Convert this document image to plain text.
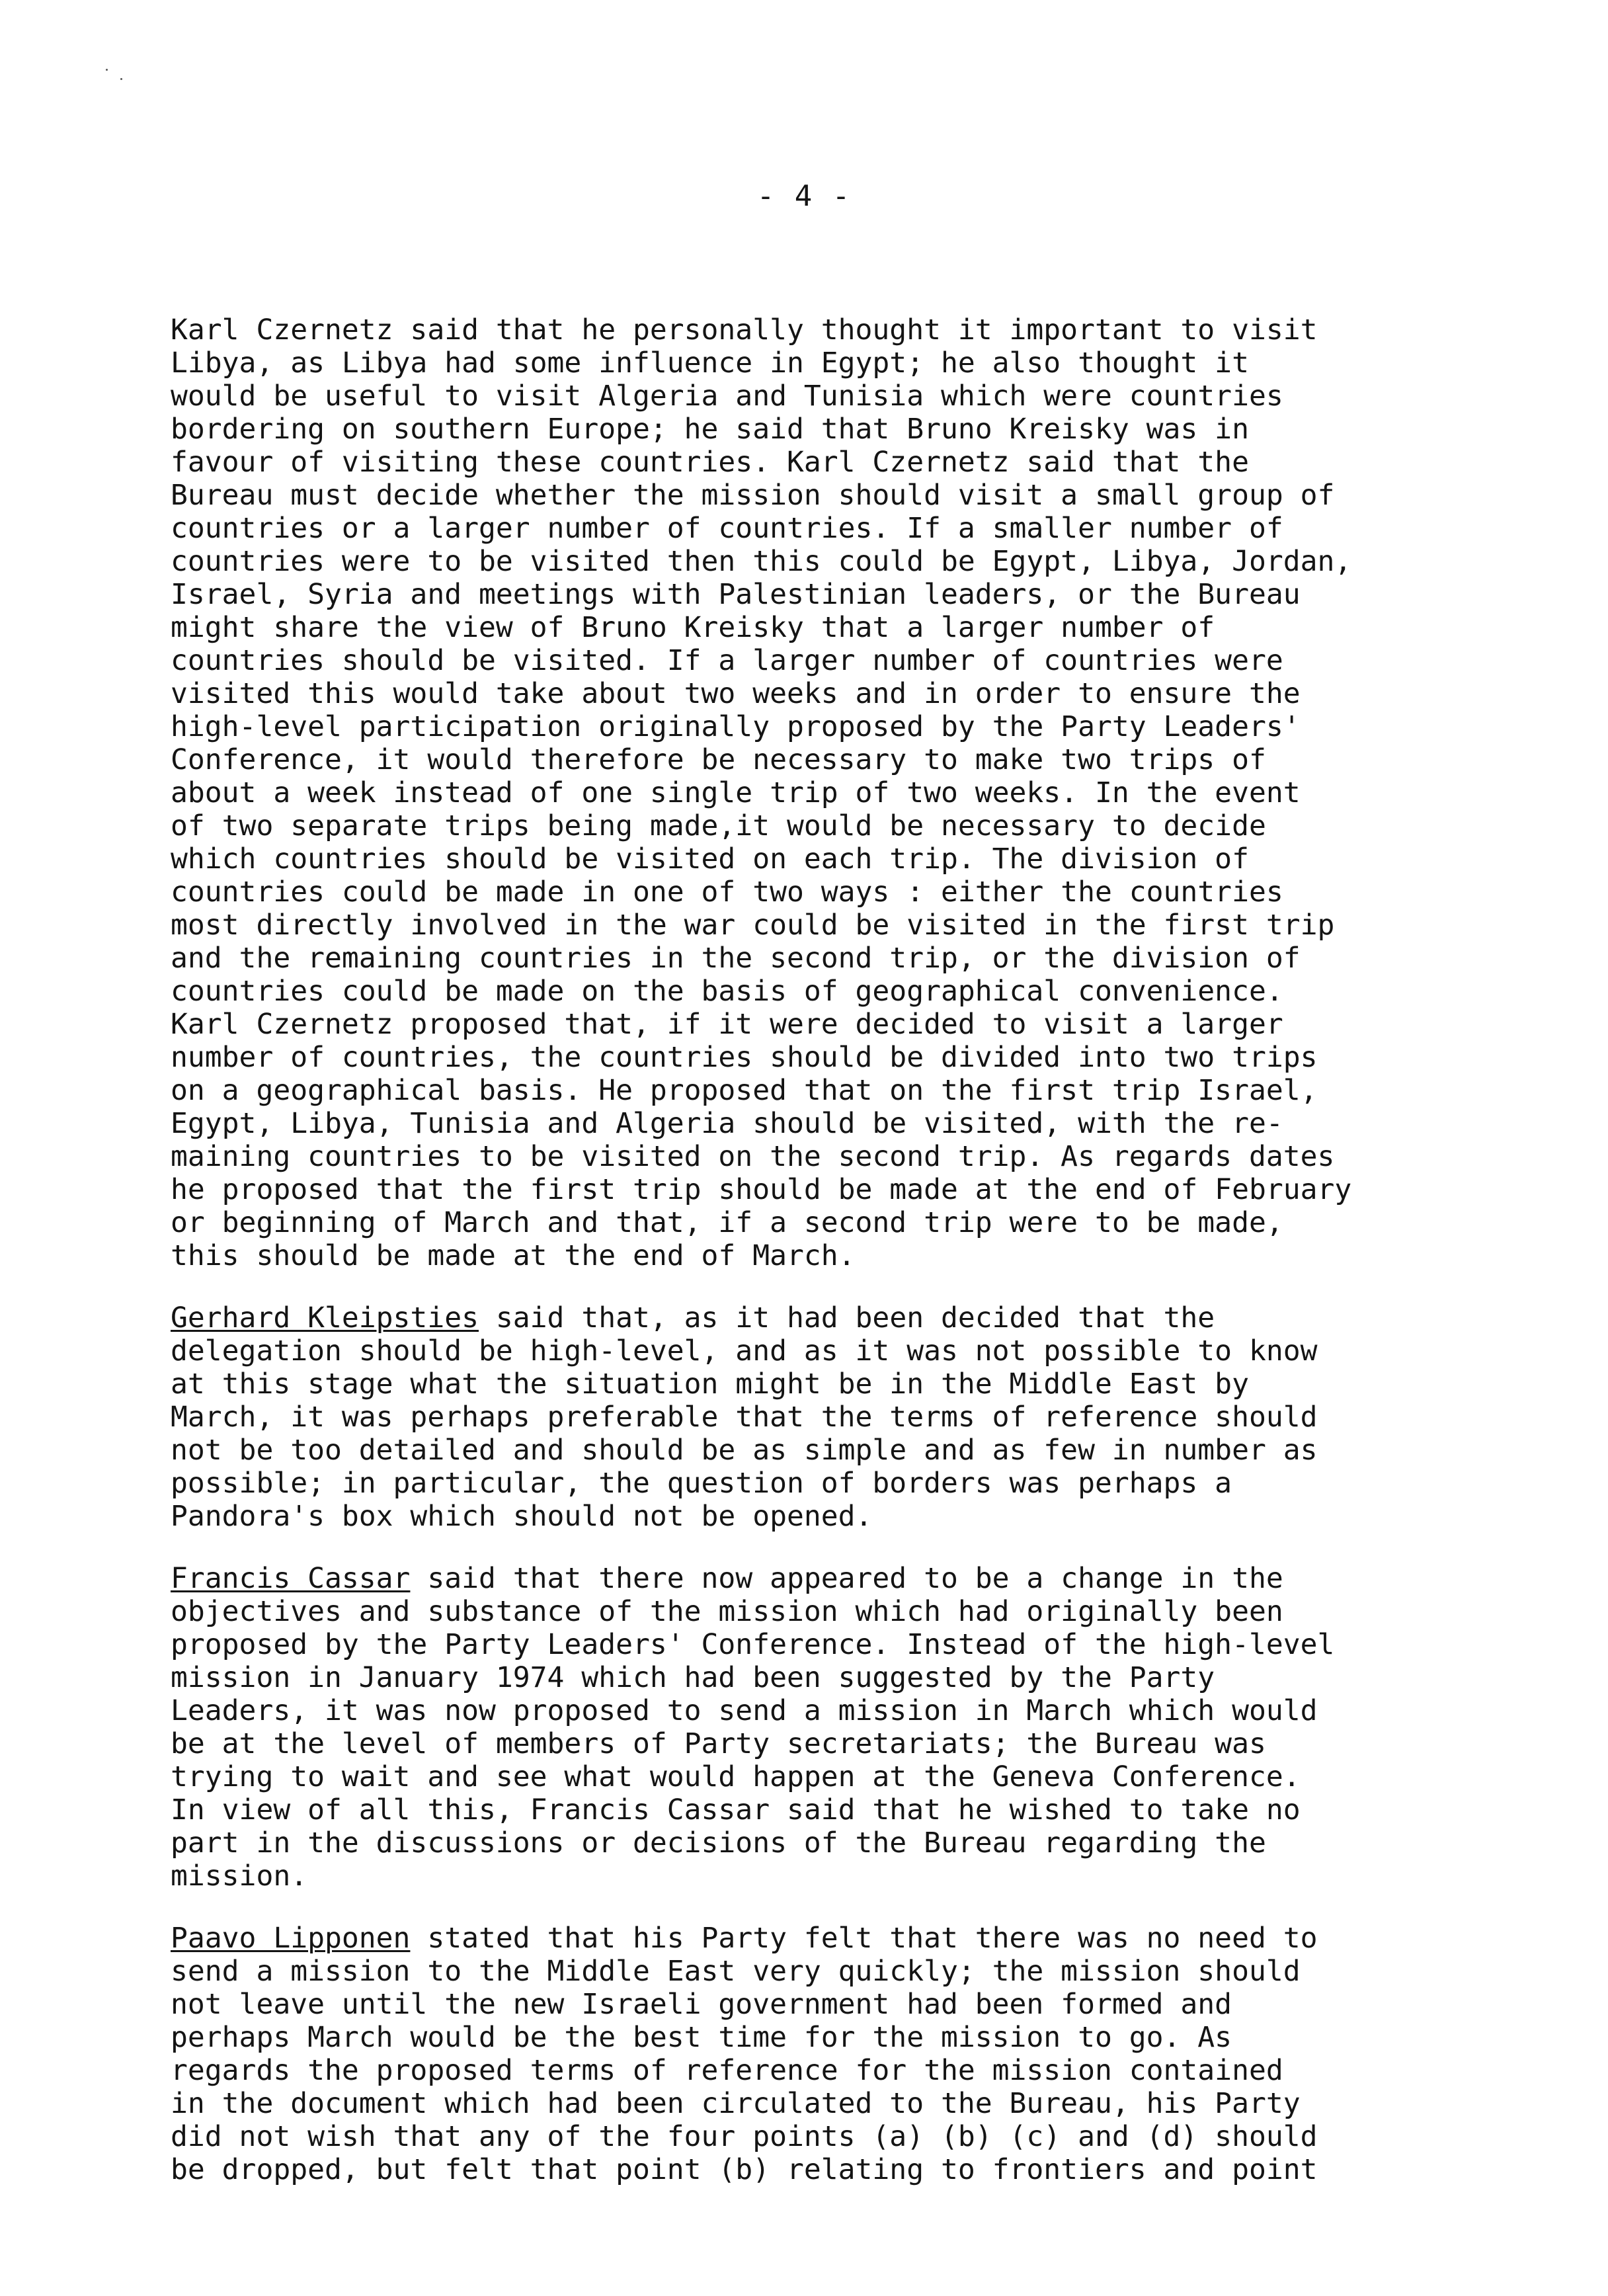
- 4 -
Karl Czernetz said that he personally thought it important to visit
Libya, as Libya had some influence in Egypt; he also thought it
would be useful to visit Algeria and Tunisia which were countries
bordering on southern Europe; he said that Bruno Kreisky was in
favour of visiting these countries. Karl Czernetz said that the
Bureau must decide whether the mission should visit a small group of
countries or a larger number of countries. If a smaller number of
countries were to be visited then this could be Egypt, Libya, Jordan,
Israel, Syria and meetings with Palestinian leaders, or the Bureau
might share the view of Bruno Kreisky that a larger number of
countries should be visited. If a larger number of countries were
visited this would take about two weeks and in order to ensure the
high-level participation originally proposed by the Party Leaders'
Conference, it would therefore be necessary to make two trips of
about a week instead of one single trip of two weeks. In the event
of two separate trips being made,it would be necessary to decide
which countries should be visited on each trip. The division of
countries could be made in one of two ways : either the countries
most directly involved in the war could be visited in the first trip
and the remaining countries in the second trip, or the division of
countries could be made on the basis of geographical convenience.
Karl Czernetz proposed that, if it were decided to visit a larger
number of countries, the countries should be divided into two trips
on a geographical basis. He proposed that on the first trip Israel,
Egypt, Libya, Tunisia and Algeria should be visited, with the re-
maining countries to be visited on the second trip. As regards dates
he proposed that the first trip should be made at the end of February
or beginning of March and that, if a second trip were to be made,
this should be made at the end of March.
Gerhard Kleipsties said that, as it had been decided that the
delegation should be high-level, and as it was not possible to know
at this stage what the situation might be in the Middle East by
March, it was perhaps preferable that the terms of reference should
not be too detailed and should be as simple and as few in number as
possible; in particular, the question of borders was perhaps a
Pandora's box which should not be opened.
Francis Cassar said that there now appeared to be a change in the
objectives and substance of the mission which had originally been
proposed by the Party Leaders' Conference. Instead of the high-level
mission in January 1974 which had been suggested by the Party
Leaders, it was now proposed to send a mission in March which would
be at the level of members of Party secretariats; the Bureau was
trying to wait and see what would happen at the Geneva Conference.
In view of all this, Francis Cassar said that he wished to take no
part in the discussions or decisions of the Bureau regarding the
mission.
Paavo Lipponen stated that his Party felt that there was no need to
send a mission to the Middle East very quickly; the mission should
not leave until the new Israeli government had been formed and
perhaps March would be the best time for the mission to go. As
regards the proposed terms of reference for the mission contained
in the document which had been circulated to the Bureau, his Party
did not wish that any of the four points (a) (b) (c) and (d) should
be dropped, but felt that point (b) relating to frontiers and point
